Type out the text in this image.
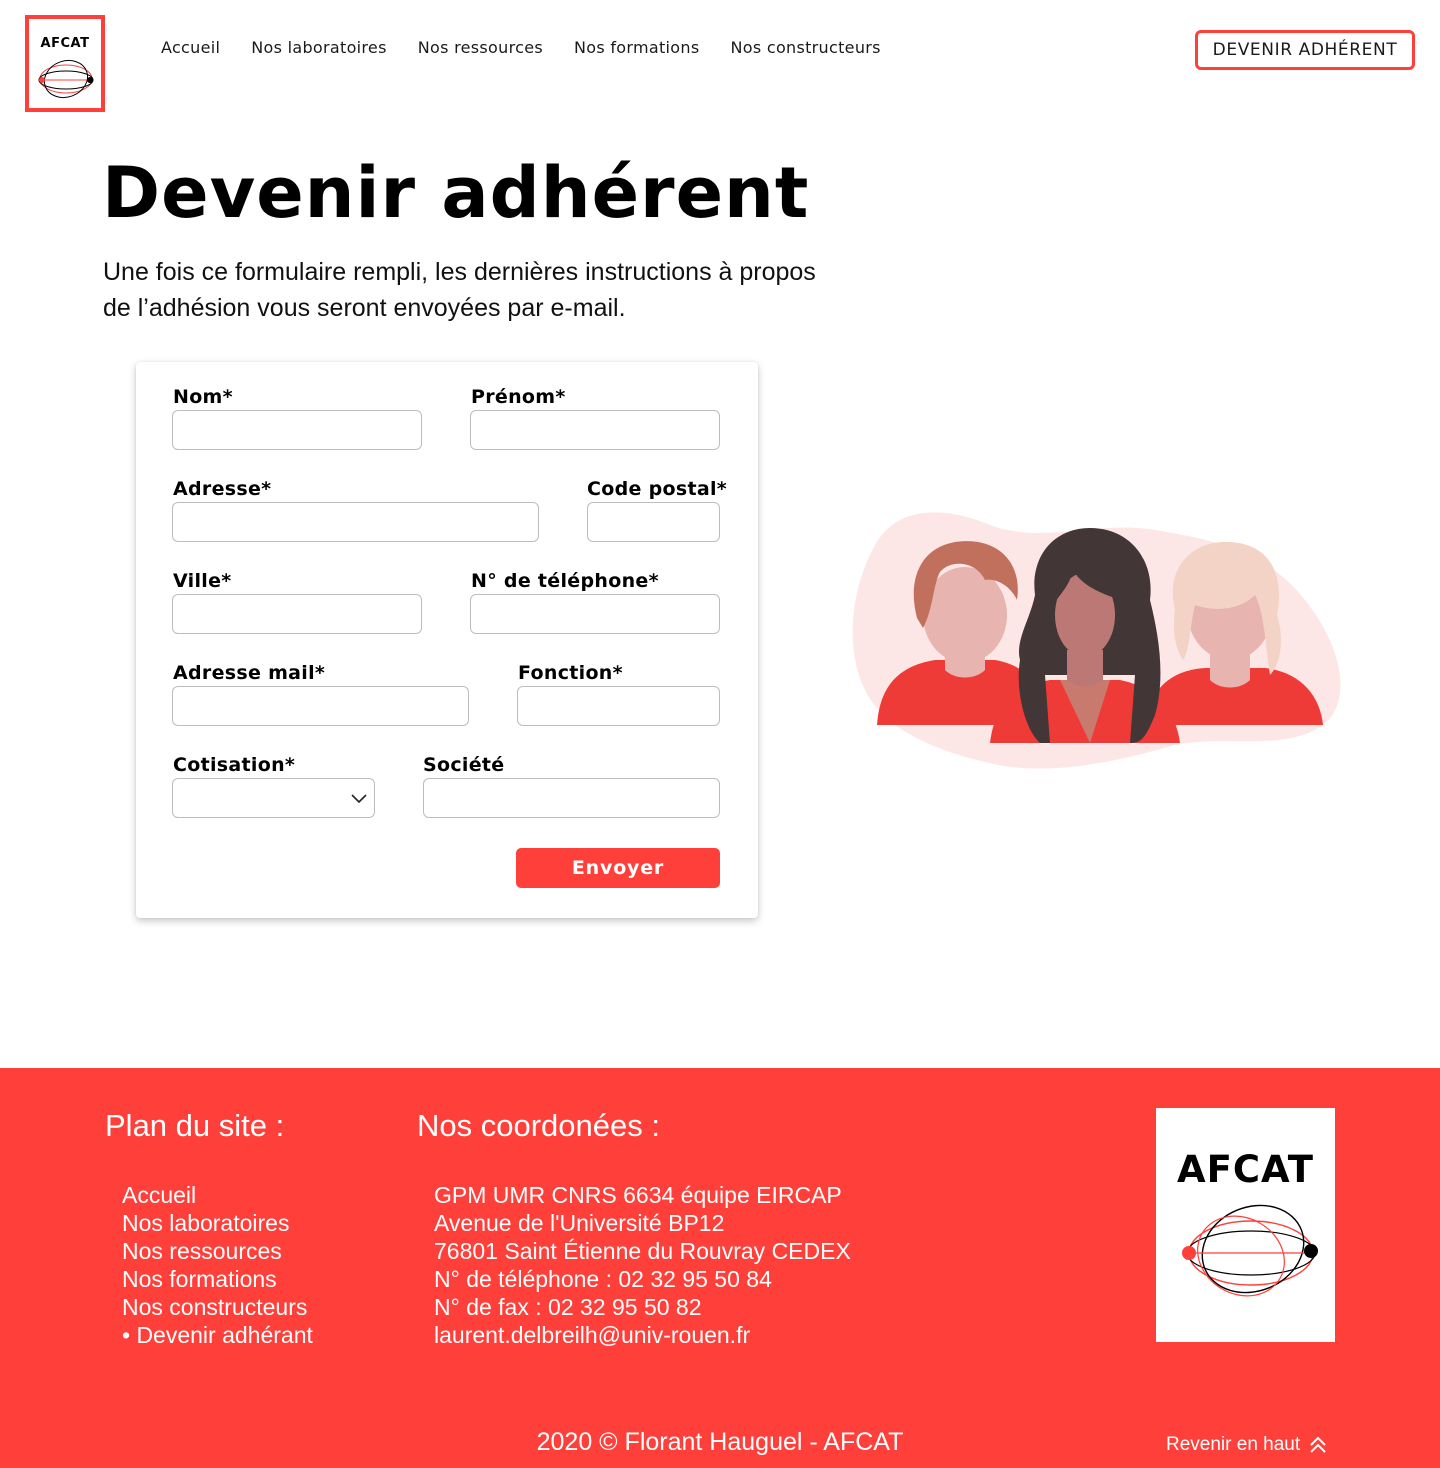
AFCAT	Accueil Nos laboratoires Nos ressources Nos formations Nos constructeurs	DEVENIR ADHÉRENT
Devenir adhérent
Une fois ce formulaire rempli, les dernières instructions à propos
de l’adhésion vous seront envoyées par e-mail.
Nom*	Prénom*
Adresse*	Code postal*
Ville*	N° de téléphone*
Adresse mail*	Fonction*
Cotisation*	Société
Envoyer
Plan du site :
Accueil
Nos laboratoires
Nos ressources
Nos formations
Nos constructeurs
• Devenir adhérant
Nos coordonées :
GPM UMR CNRS 6634 équipe EIRCAP
Avenue de l'Université BP12
76801 Saint Étienne du Rouvray CEDEX
N° de téléphone : 02 32 95 50 84
N° de fax : 02 32 95 50 82
laurent.delbreilh@univ-rouen.fr
AFCAT
2020 © Florant Hauguel - AFCAT	Revenir en haut
